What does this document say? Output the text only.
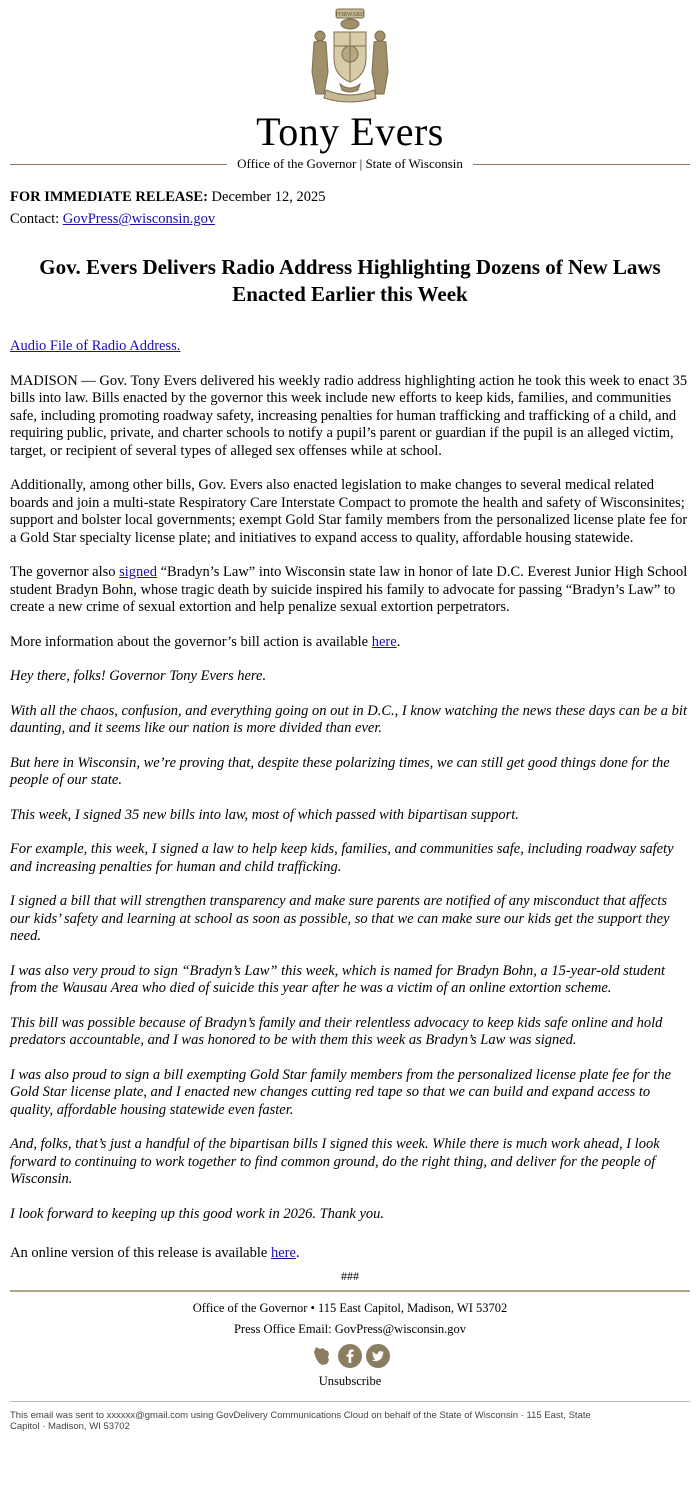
FORWARD
Tony Evers
Office of the Governor | State of Wisconsin
FOR IMMEDIATE RELEASE: December 12, 2025
Contact: GovPress@wisconsin.gov
Gov. Evers Delivers Radio Address Highlighting Dozens of New Laws Enacted Earlier this Week

Audio File of Radio Address.

MADISON — Gov. Tony Evers delivered his weekly radio address highlighting action he took this week to enact 35 bills into law. Bills enacted by the governor this week include new efforts to keep kids, families, and communities safe, including promoting roadway safety, increasing penalties for human trafficking and trafficking of a child, and requiring public, private, and charter schools to notify a pupil’s parent or guardian if the pupil is an alleged victim, target, or recipient of several types of alleged sex offenses while at school.

Additionally, among other bills, Gov. Evers also enacted legislation to make changes to several medical related boards and join a multi-state Respiratory Care Interstate Compact to promote the health and safety of Wisconsinites; support and bolster local governments; exempt Gold Star family members from the personalized license plate fee for a Gold Star specialty license plate; and initiatives to expand access to quality, affordable housing statewide.

The governor also signed “Bradyn’s Law” into Wisconsin state law in honor of late D.C. Everest Junior High School student Bradyn Bohn, whose tragic death by suicide inspired his family to advocate for passing “Bradyn’s Law” to create a new crime of sexual extortion and help penalize sexual extortion perpetrators.

More information about the governor’s bill action is available here.

Hey there, folks! Governor Tony Evers here.

With all the chaos, confusion, and everything going on out in D.C., I know watching the news these days can be a bit daunting, and it seems like our nation is more divided than ever.

But here in Wisconsin, we’re proving that, despite these polarizing times, we can still get good things done for the people of our state.

This week, I signed 35 new bills into law, most of which passed with bipartisan support.

For example, this week, I signed a law to help keep kids, families, and communities safe, including roadway safety and increasing penalties for human and child trafficking.

I signed a bill that will strengthen transparency and make sure parents are notified of any misconduct that affects our kids’ safety and learning at school as soon as possible, so that we can make sure our kids get the support they need.

I was also very proud to sign “Bradyn’s Law” this week, which is named for Bradyn Bohn, a 15-year-old student from the Wausau Area who died of suicide this year after he was a victim of an online extortion scheme.

This bill was possible because of Bradyn’s family and their relentless advocacy to keep kids safe online and hold predators accountable, and I was honored to be with them this week as Bradyn’s Law was signed.

I was also proud to sign a bill exempting Gold Star family members from the personalized license plate fee for the Gold Star license plate, and I enacted new changes cutting red tape so that we can build and expand access to quality, affordable housing statewide even faster.

And, folks, that’s just a handful of the bipartisan bills I signed this week. While there is much work ahead, I look forward to continuing to work together to find common ground, do the right thing, and deliver for the people of Wisconsin.

I look forward to keeping up this good work in 2026. Thank you.

An online version of this release is available here.

###
Office of the Governor • 115 East Capitol, Madison, WI 53702
Press Office Email: GovPress@wisconsin.gov
Unsubscribe
This email was sent to xxxxxx@gmail.com using GovDelivery Communications Cloud on behalf of the State of Wisconsin · 115 East, State Capitol · Madison, WI 53702
